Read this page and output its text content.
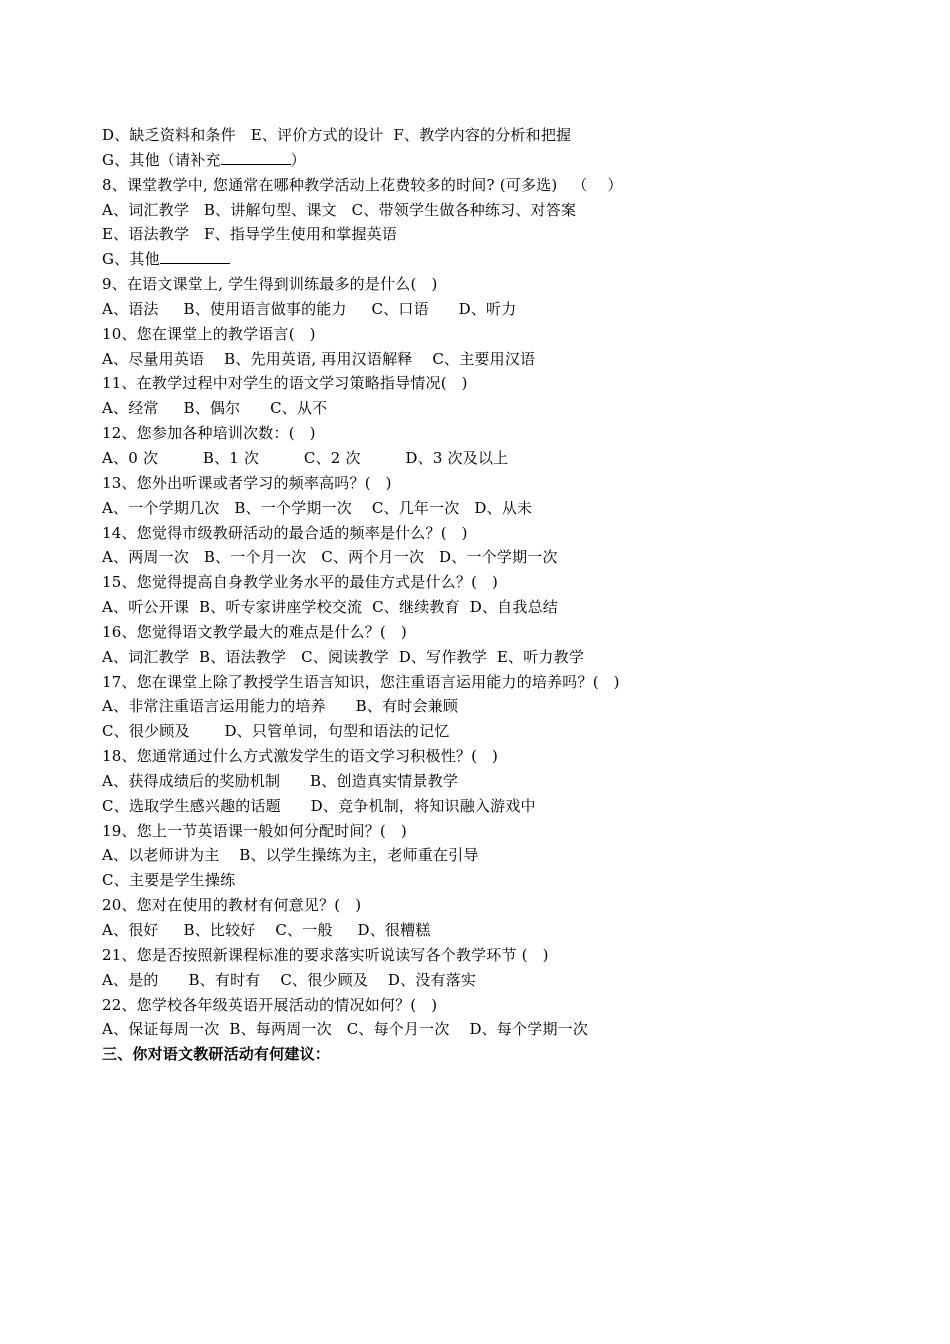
D、缺乏资料和条件   E、评价方式的设计  F、教学内容的分析和把握
G、其他（请补充	）
8、课堂教学中, 您通常在哪种教学活动上花费较多的时间? (可多选)   （    ）
A、词汇教学   B、讲解句型、课文   C、带领学生做各种练习、对答案
E、语法教学   F、指导学生使用和掌握英语
G、其他
9、在语文课堂上, 学生得到训练最多的是什么(   )
A、语法     B、使用语言做事的能力     C、口语      D、听力
10、您在课堂上的教学语言(   )
A、尽量用英语    B、先用英语, 再用汉语解释    C、主要用汉语
11、在教学过程中对学生的语文学习策略指导情况(   )
A、经常     B、偶尔      C、从不
12、您参加各种培训次数：(   )
A、0 次         B、1 次         C、2 次         D、3 次及以上
13、您外出听课或者学习的频率高吗？(   )
A、一个学期几次   B、一个学期一次    C、几年一次   D、从未
14、您觉得市级教研活动的最合适的频率是什么？(   )
A、两周一次   B、一个月一次   C、两个月一次   D、一个学期一次
15、您觉得提高自身教学业务水平的最佳方式是什么？(   )
A、听公开课  B、听专家讲座学校交流  C、继续教育  D、自我总结
16、您觉得语文教学最大的难点是什么？(   )
A、词汇教学  B、语法教学   C、阅读教学  D、写作教学  E、听力教学
17、您在课堂上除了教授学生语言知识，您注重语言运用能力的培养吗？(   )
A、非常注重语言运用能力的培养      B、有时会兼顾
C、很少顾及       D、只管单词，句型和语法的记忆
18、您通常通过什么方式激发学生的语文学习积极性？(   )
A、获得成绩后的奖励机制      B、创造真实情景教学
C、选取学生感兴趣的话题      D、竞争机制，将知识融入游戏中
19、您上一节英语课一般如何分配时间？(   )
A、以老师讲为主    B、以学生操练为主，老师重在引导
C、主要是学生操练
20、您对在使用的教材有何意见？(   )
A、很好     B、比较好    C、一般     D、很糟糕
21、您是否按照新课程标准的要求落实听说读写各个教学环节 (   )
A、是的      B、有时有    C、很少顾及    D、没有落实
22、您学校各年级英语开展活动的情况如何？(   )
A、保证每周一次  B、每两周一次   C、每个月一次    D、每个学期一次
三、你对语文教研活动有何建议：
